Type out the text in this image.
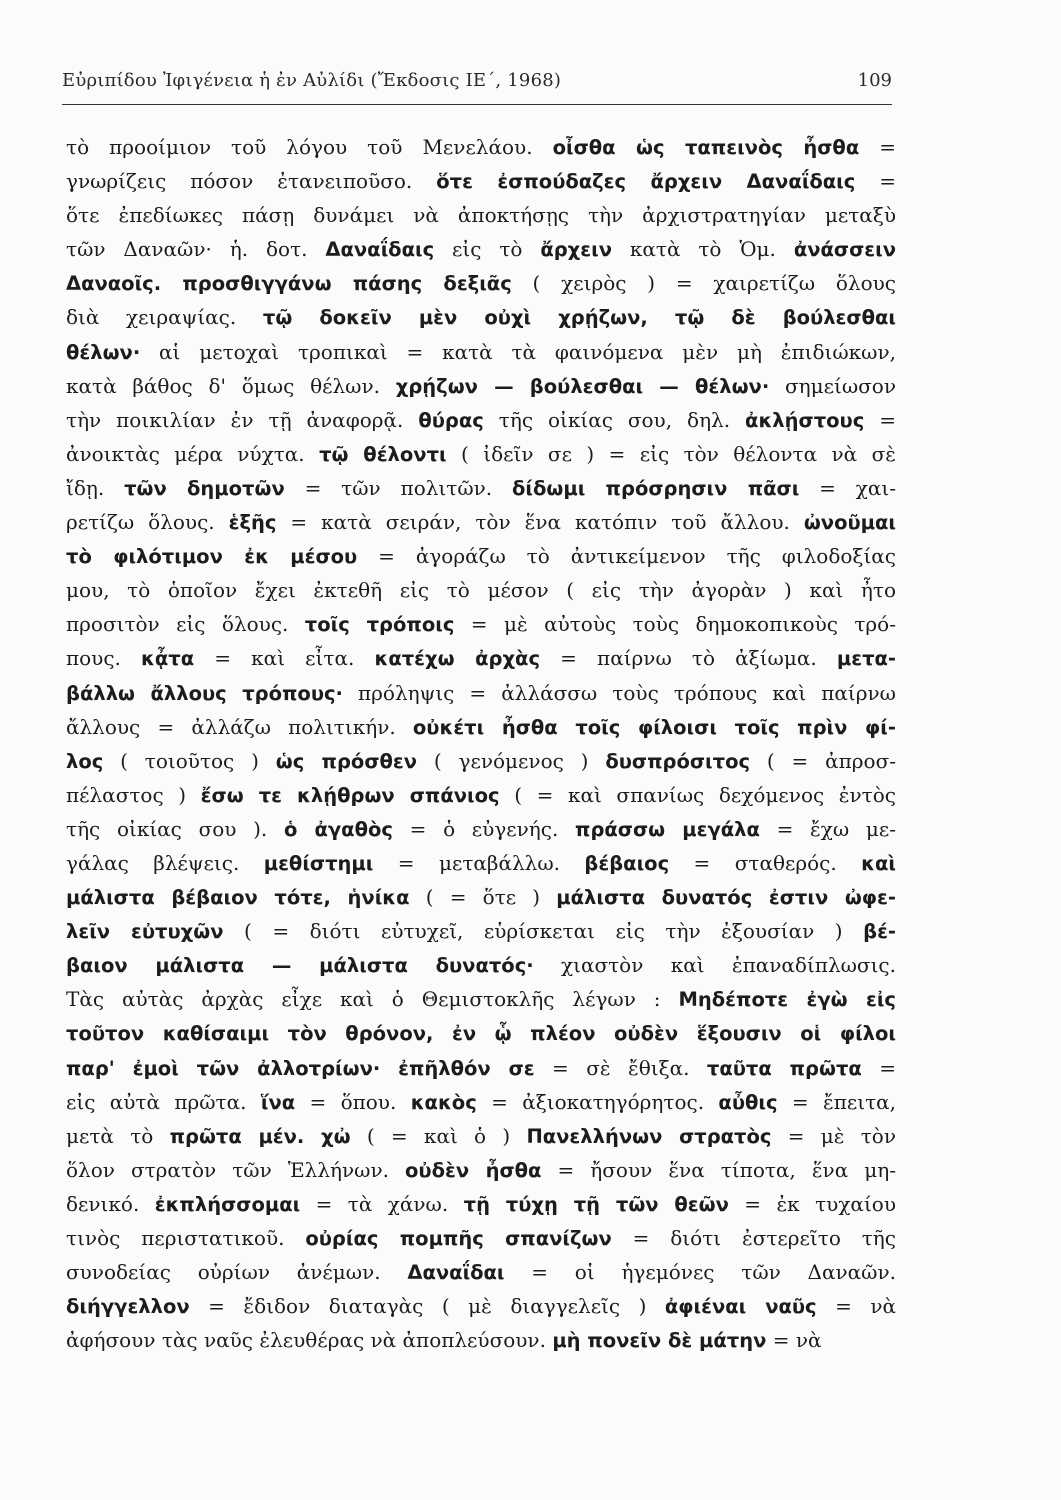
Εὐριπίδου Ἰφιγένεια ἡ ἐν Αὐλίδι (Ἔκδοσις ΙΕ΄, 1968)	109
τὸ προοίμιον τοῦ λόγου τοῦ Μενελάου. οἶσθα ὡς ταπεινὸς ἦσθα =
γνωρίζεις πόσον ἐτανειποῦσο. ὅτε ἐσπούδαζες ἄρχειν Δαναΐδαις =
ὅτε ἐπεδίωκες πάσῃ δυνάμει νὰ ἀποκτήσῃς τὴν ἀρχιστρατηγίαν μεταξὺ
τῶν Δαναῶν· ἡ. δοτ. Δαναΐδαις εἰς τὸ ἄρχειν κατὰ τὸ Ὁμ. ἀνάσσειν
Δαναοῖς. προσθιγγάνω πάσης δεξιᾶς ( χειρὸς ) = χαιρετίζω ὅλους
διὰ χειραψίας. τῷ δοκεῖν μὲν οὐχὶ χρῄζων, τῷ δὲ βούλεσθαι
θέλων· αἱ μετοχαὶ τροπικαὶ = κατὰ τὰ φαινόμενα μὲν μὴ ἐπιδιώκων,
κατὰ βάθος δ' ὅμως θέλων. χρῄζων — βούλεσθαι — θέλων· σημείωσον
τὴν ποικιλίαν ἐν τῇ ἀναφορᾷ. θύρας τῆς οἰκίας σου, δηλ. ἀκλῄστους =
ἀνοικτὰς μέρα νύχτα. τῷ θέλοντι ( ἰδεῖν σε ) = εἰς τὸν θέλοντα νὰ σὲ
ἴδῃ. τῶν δημοτῶν = τῶν πολιτῶν. δίδωμι πρόσρησιν πᾶσι = χαι-
ρετίζω ὅλους. ἑξῆς = κατὰ σειράν, τὸν ἕνα κατόπιν τοῦ ἄλλου. ὠνοῦμαι
τὸ φιλότιμον ἐκ μέσου = ἀγοράζω τὸ ἀντικείμενον τῆς φιλοδοξίας
μου, τὸ ὁποῖον ἔχει ἐκτεθῆ εἰς τὸ μέσον ( εἰς τὴν ἀγορὰν ) καὶ ἦτο
προσιτὸν εἰς ὅλους. τοῖς τρόποις = μὲ αὐτοὺς τοὺς δημοκοπικοὺς τρό-
πους. κᾆτα = καὶ εἶτα. κατέχω ἀρχὰς = παίρνω τὸ ἀξίωμα. μετα-
βάλλω ἄλλους τρόπους· πρόληψις = ἀλλάσσω τοὺς τρόπους καὶ παίρνω
ἄλλους = ἀλλάζω πολιτικήν. οὐκέτι ἦσθα τοῖς φίλοισι τοῖς πρὶν φί-
λος ( τοιοῦτος ) ὡς πρόσθεν ( γενόμενος ) δυσπρόσιτος ( = ἀπροσ-
πέλαστος ) ἔσω τε κλῄθρων σπάνιος ( = καὶ σπανίως δεχόμενος ἐντὸς
τῆς οἰκίας σου ). ὁ ἀγαθὸς = ὁ εὐγενής. πράσσω μεγάλα = ἔχω με-
γάλας βλέψεις. μεθίστημι = μεταβάλλω. βέβαιος = σταθερός. καὶ
μάλιστα βέβαιον τότε, ἡνίκα ( = ὅτε ) μάλιστα δυνατός ἐστιν ὠφε-
λεῖν εὐτυχῶν ( = διότι εὐτυχεῖ, εὑρίσκεται εἰς τὴν ἐξουσίαν ) βέ-
βαιον μάλιστα — μάλιστα δυνατός· χιαστὸν καὶ ἐπαναδίπλωσις.
Τὰς αὐτὰς ἀρχὰς εἶχε καὶ ὁ Θεμιστοκλῆς λέγων : Μηδέποτε ἐγὼ εἰς
τοῦτον καθίσαιμι τὸν θρόνον, ἐν ᾧ πλέον οὐδὲν ἕξουσιν οἱ φίλοι
παρ' ἐμοὶ τῶν ἀλλοτρίων· ἐπῆλθόν σε = σὲ ἔθιξα. ταῦτα πρῶτα =
εἰς αὐτὰ πρῶτα. ἵνα = ὅπου. κακὸς = ἀξιοκατηγόρητος. αὖθις = ἔπειτα,
μετὰ τὸ πρῶτα μέν. χὠ ( = καὶ ὁ ) Πανελλήνων στρατὸς = μὲ τὸν
ὅλον στρατὸν τῶν Ἑλλήνων. οὐδὲν ἦσθα = ἤσουν ἕνα τίποτα, ἕνα μη-
δενικό. ἐκπλήσσομαι = τὰ χάνω. τῇ τύχῃ τῇ τῶν θεῶν = ἐκ τυχαίου
τινὸς περιστατικοῦ. οὐρίας πομπῆς σπανίζων = διότι ἐστερεῖτο τῆς
συνοδείας οὐρίων ἀνέμων. Δαναΐδαι = οἱ ἡγεμόνες τῶν Δαναῶν.
διήγγελλον = ἔδιδον διαταγὰς ( μὲ διαγγελεῖς ) ἀφιέναι ναῦς = νὰ
ἀφήσουν τὰς ναῦς ἐλευθέρας νὰ ἀποπλεύσουν. μὴ πονεῖν δὲ μάτην = νὰ
